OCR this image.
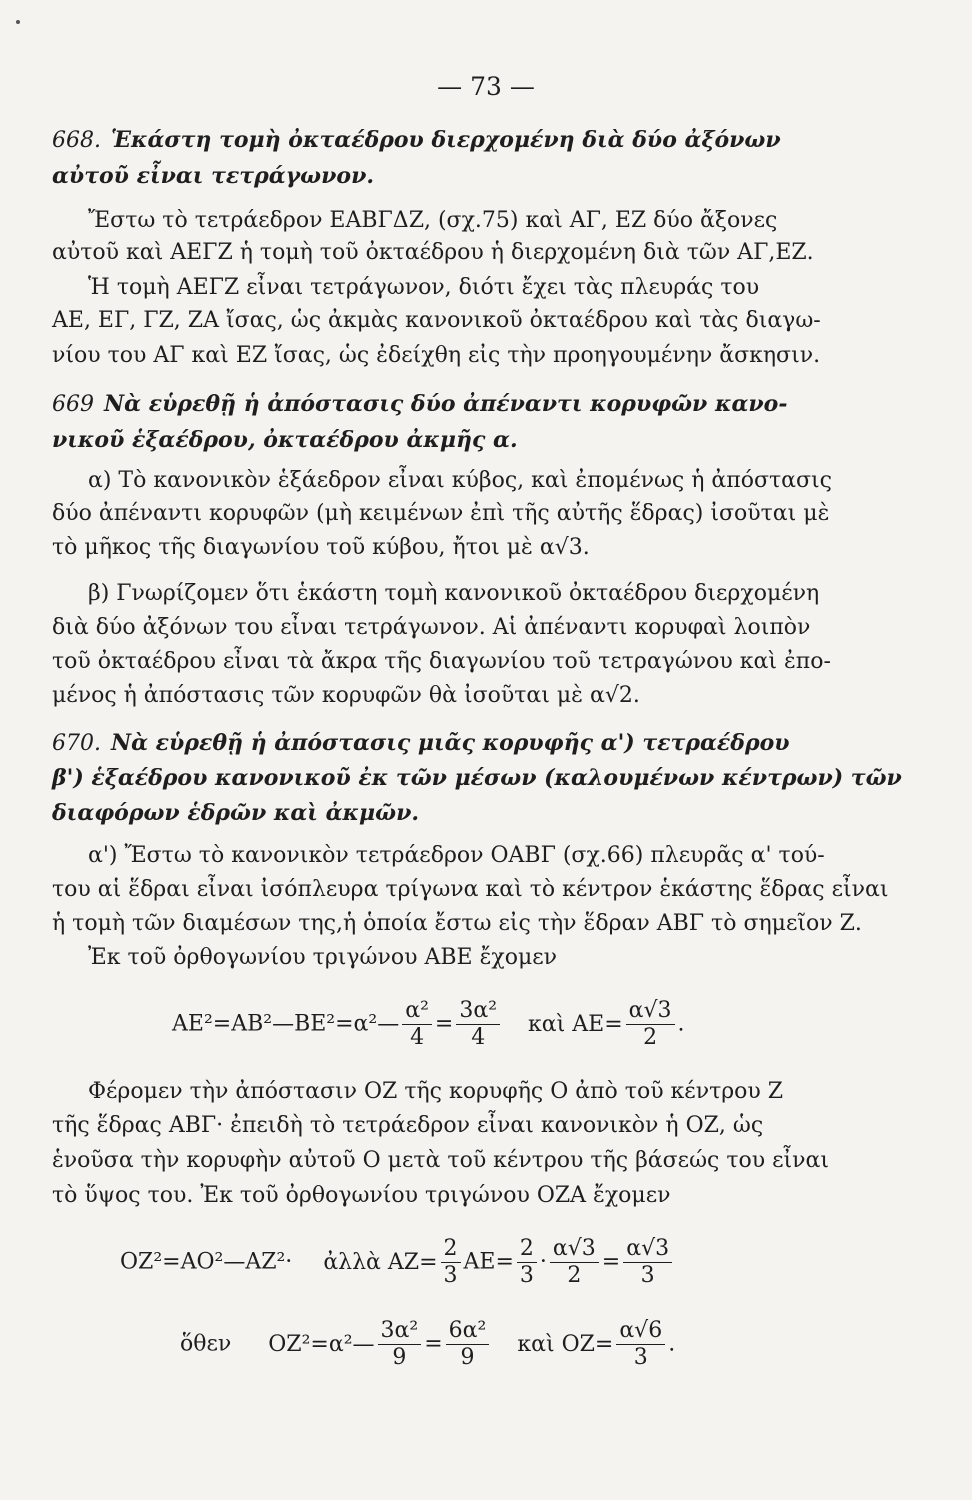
— 73 —
668. Ἑκάστη τομὴ ὀκταέδρου διερχομένη διὰ δύο ἀξόνων
αὐτοῦ εἶναι τετράγωνον.
Ἔστω τὸ τετράεδρον ΕΑΒΓΔΖ, (σχ.75) καὶ ΑΓ, ΕΖ δύο ἄξονες
αὐτοῦ καὶ ΑΕΓΖ ἡ τομὴ τοῦ ὀκταέδρου ἡ διερχομένη διὰ τῶν ΑΓ,ΕΖ.
Ἡ τομὴ ΑΕΓΖ εἶναι τετράγωνον, διότι ἔχει τὰς πλευράς του
ΑΕ, ΕΓ, ΓΖ, ΖΑ ἴσας, ὡς ἀκμὰς κανονικοῦ ὀκταέδρου καὶ τὰς διαγω-
νίου του ΑΓ καὶ ΕΖ ἴσας, ὡς ἐδείχθη εἰς τὴν προηγουμένην ἄσκησιν.
669 Νὰ εὑρεθῇ ἡ ἀπόστασις δύο ἀπέναντι κορυφῶν κανο-
νικοῦ ἑξαέδρου, ὀκταέδρου ἀκμῆς α.
α) Τὸ κανονικὸν ἑξάεδρον εἶναι κύβος, καὶ ἐπομένως ἡ ἀπόστασις
δύο ἀπέναντι κορυφῶν (μὴ κειμένων ἐπὶ τῆς αὐτῆς ἕδρας) ἰσοῦται μὲ
τὸ μῆκος τῆς διαγωνίου τοῦ κύβου, ἤτοι μὲ α√3.
β) Γνωρίζομεν ὅτι ἑκάστη τομὴ κανονικοῦ ὀκταέδρου διερχομένη
διὰ δύο ἀξόνων του εἶναι τετράγωνον. Αἱ ἀπέναντι κορυφαὶ λοιπὸν
τοῦ ὀκταέδρου εἶναι τὰ ἄκρα τῆς διαγωνίου τοῦ τετραγώνου καὶ ἐπο-
μένος ἡ ἀπόστασις τῶν κορυφῶν θὰ ἰσοῦται μὲ α√2.
670. Νὰ εὑρεθῇ ἡ ἀπόστασις μιᾶς κορυφῆς α') τετραέδρου
β') ἑξαέδρου κανονικοῦ ἐκ τῶν μέσων (καλουμένων κέντρων) τῶν
διαφόρων ἑδρῶν καὶ ἀκμῶν.
α') Ἔστω τὸ κανονικὸν τετράεδρον ΟΑΒΓ (σχ.66) πλευρᾶς α' τού-
του αἱ ἕδραι εἶναι ἰσόπλευρα τρίγωνα καὶ τὸ κέντρον ἑκάστης ἕδρας εἶναι
ἡ τομὴ τῶν διαμέσων της,ἡ ὁποία ἔστω εἰς τὴν ἕδραν ΑΒΓ τὸ σημεῖον Ζ.
Ἐκ τοῦ ὀρθογωνίου τριγώνου ΑΒΕ ἔχομεν
ΑΕ²=ΑΒ²—ΒΕ²=α²— $\frac{\text{α²}}{4} = \frac{\text{3α²}}{4}$ καὶ $AE= \frac{\alpha√3}{2}$ .
Φέρομεν τὴν ἀπόστασιν ΟΖ τῆς κορυφῆς Ο ἀπὸ τοῦ κέντρου Ζ
τῆς ἕδρας ΑΒΓ· ἐπειδὴ τὸ τετράεδρον εἶναι κανονικὸν ἡ ΟΖ, ὡς
ἑνοῦσα τὴν κορυφὴν αὐτοῦ Ο μετὰ τοῦ κέντρου τῆς βάσεώς του εἶναι
τὸ ὕψος του. Ἐκ τοῦ ὀρθογωνίου τριγώνου ΟΖΑ ἔχομεν
ΟΖ²=ΑΟ²—ΑΖ²· ἀλλὰ $AZ= \frac{2}{3} AE= \frac{2}{3} \cdot \frac{\alpha√3}{2} = \frac{\alpha√3}{3}$
ὅθεν ΟΖ²=α²— $\frac{\text{3α²}}{9} = \frac{\text{6α²}}{9}$ καὶ $OZ= \frac{\alpha√6}{3}$ .
